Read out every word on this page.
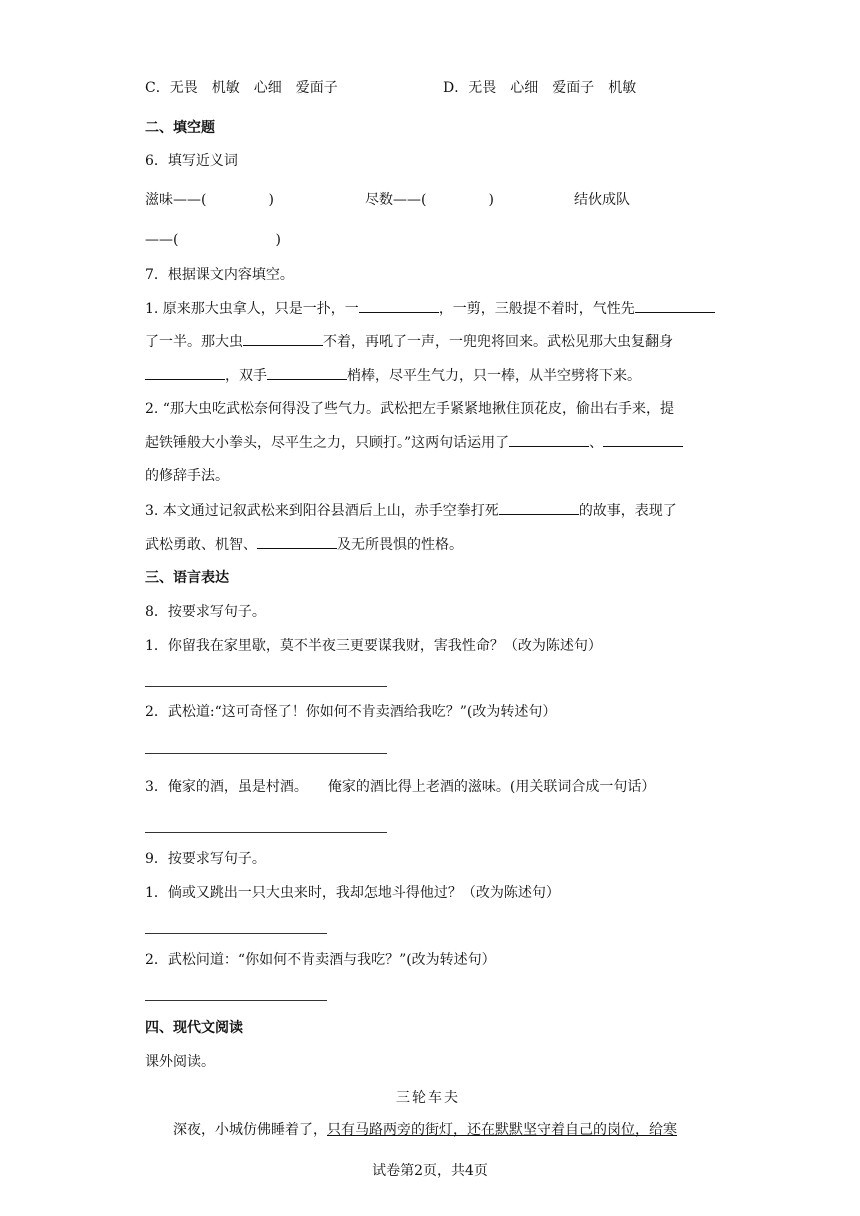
C．无畏　机敏　心细　爱面子	D．无畏　心细　爱面子　机敏
二、填空题
6．填写近义词
滋味——(	)	尽数——(	)	结伙成队
——(	)
7．根据课文内容填空。
1. 原来那大虫拿人，只是一扑，一	，一剪，三般提不着时，气性先
了一半。那大虫	不着，再吼了一声，一兜兜将回来。武松见那大虫复翻身
，双手	梢棒，尽平生气力，只一棒，从半空劈将下来。
2. “那大虫吃武松奈何得没了些气力。武松把左手紧紧地揪住顶花皮，偷出右手来，提
起铁锤般大小拳头，尽平生之力，只顾打。”这两句话运用了	、
的修辞手法。
3. 本文通过记叙武松来到阳谷县酒后上山，赤手空拳打死	的故事，表现了
武松勇敢、机智、	及无所畏惧的性格。
三、语言表达
8．按要求写句子。
1．你留我在家里歇，莫不半夜三更要谋我财，害我性命？（改为陈述句）
2．武松道:“这可奇怪了！你如何不肯卖酒给我吃？”(改为转述句）
3．俺家的酒，虽是村酒。 俺家的酒比得上老酒的滋味。(用关联词合成一句话）
9．按要求写句子。
1．倘或又跳出一只大虫来时，我却怎地斗得他过？（改为陈述句）
2．武松问道：“你如何不肯卖酒与我吃？”(改为转述句）
四、现代文阅读
课外阅读。
三轮车夫
深夜，小城仿佛睡着了，只有马路两旁的街灯，还在默默坚守着自己的岗位，给寒
试卷第2页，共4页
